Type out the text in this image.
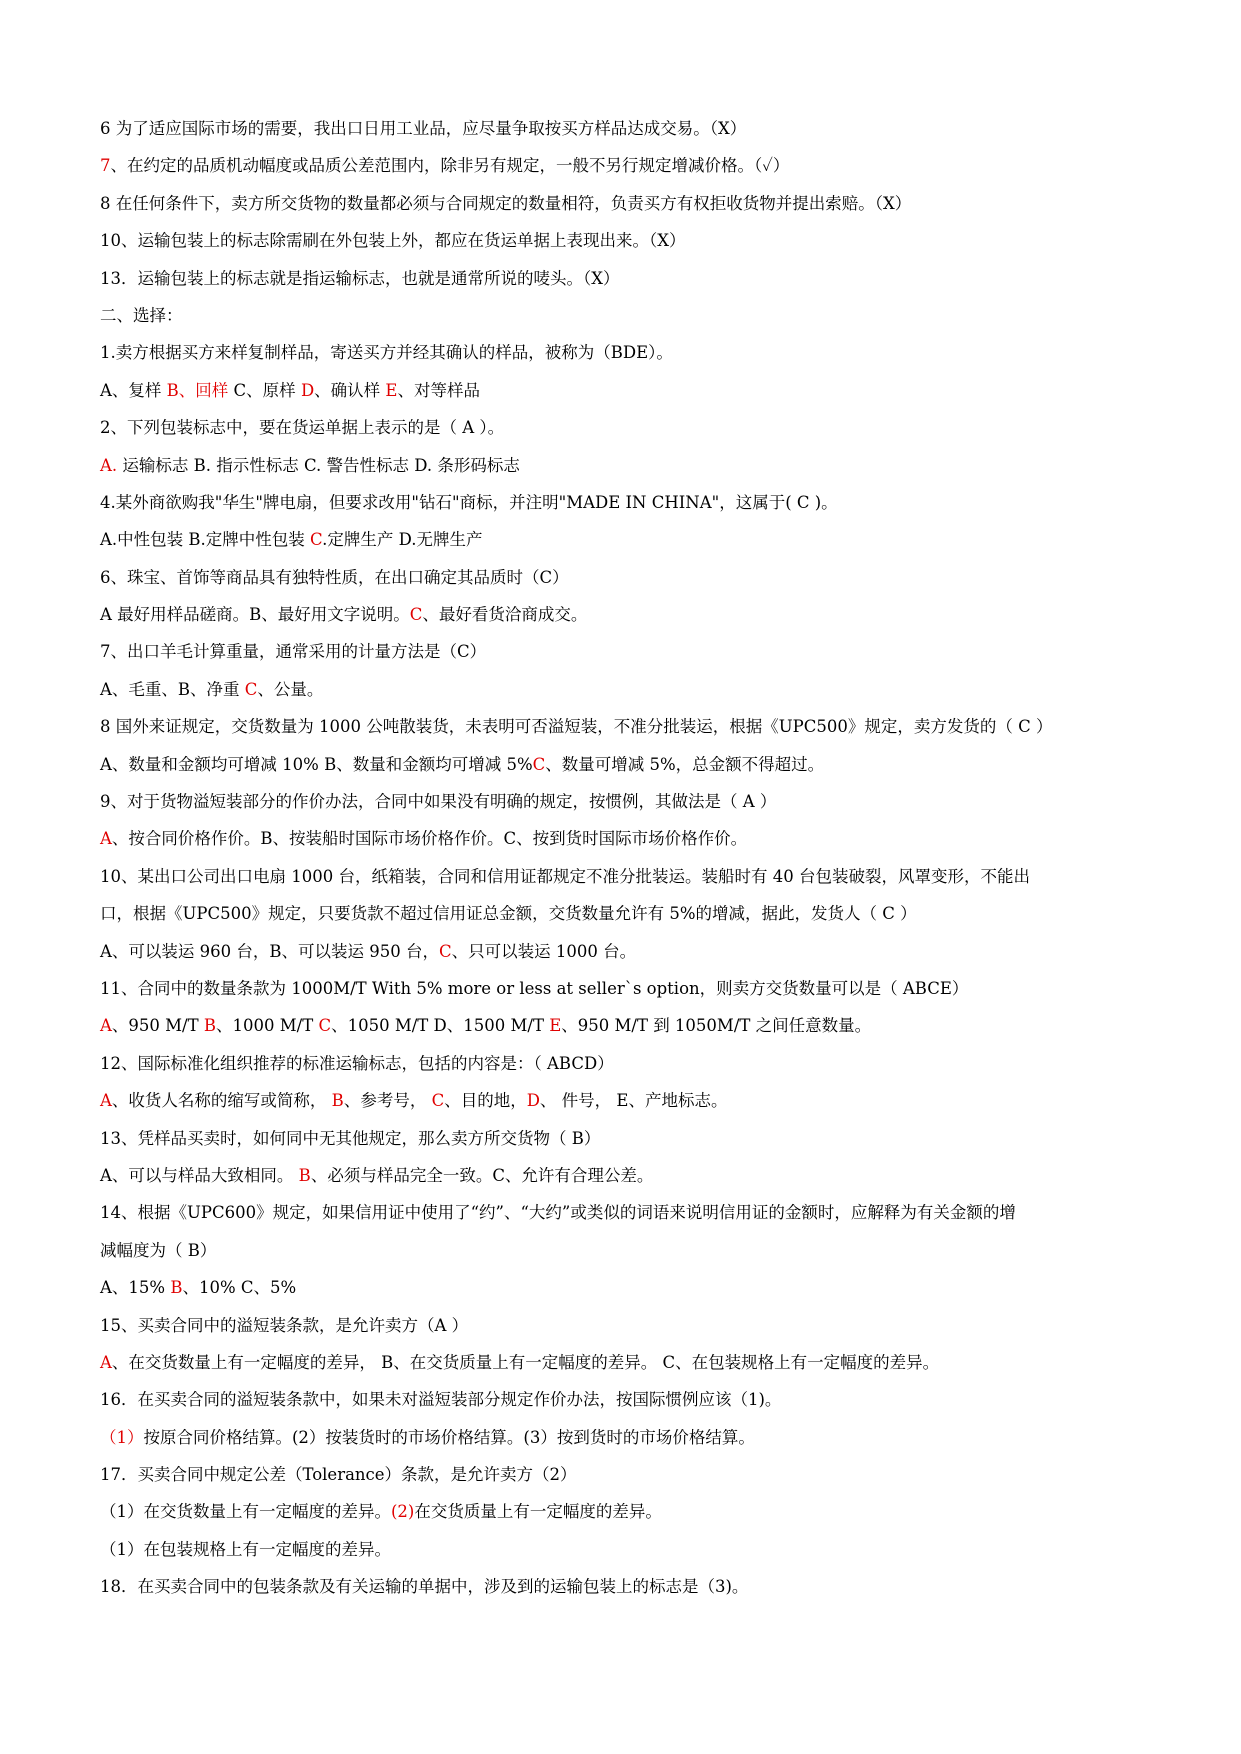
6 为了适应国际市场的需要，我出口日用工业品，应尽量争取按买方样品达成交易。（X）

7、在约定的品质机动幅度或品质公差范围内，除非另有规定，一般不另行规定增减价格。（✓）

8 在任何条件下，卖方所交货物的数量都必须与合同规定的数量相符，负责买方有权拒收货物并提出索赔。（X）

10、运输包装上的标志除需刷在外包装上外，都应在货运单据上表现出来。（X）

13．运输包装上的标志就是指运输标志，也就是通常所说的唛头。（X）

二、选择：

1.卖方根据买方来样复制样品，寄送买方并经其确认的样品，被称为（BDE）。

A、复样 B、回样 C、原样 D、确认样 E、对等样品

2、下列包装标志中，要在货运单据上表示的是（ A ）。

A. 运输标志 B. 指示性标志 C. 警告性标志 D. 条形码标志

4.某外商欲购我"华生"牌电扇，但要求改用"钻石"商标，并注明"MADE IN CHINA"，这属于( C )。

A.中性包装 B.定牌中性包装 C.定牌生产 D.无牌生产

6、珠宝、首饰等商品具有独特性质，在出口确定其品质时（C）

A 最好用样品磋商。B、最好用文字说明。C、最好看货洽商成交。

7、出口羊毛计算重量，通常采用的计量方法是（C）

A、毛重、B、净重 C、公量。

8 国外来证规定，交货数量为 1000 公吨散装货，未表明可否溢短装，不准分批装运，根据《UPC500》规定，卖方发货的（ C ）

A、数量和金额均可增减 10% B、数量和金额均可增减 5%C、数量可增减 5%，总金额不得超过。

9、对于货物溢短装部分的作价办法，合同中如果没有明确的规定，按惯例，其做法是（ A ）

A、按合同价格作价。B、按装船时国际市场价格作价。C、按到货时国际市场价格作价。

10、某出口公司出口电扇 1000 台，纸箱装，合同和信用证都规定不准分批装运。装船时有 40 台包装破裂，风罩变形，不能出

口，根据《UPC500》规定，只要货款不超过信用证总金额，交货数量允许有 5%的增减，据此，发货人（ C ）

A、可以装运 960 台，B、可以装运 950 台，C、只可以装运 1000 台。

11、合同中的数量条款为 1000M/T With 5% more or less at seller`s option，则卖方交货数量可以是（ ABCE）

A、950 M/T B、1000 M/T C、1050 M/T D、1500 M/T E、950 M/T 到 1050M/T 之间任意数量。

12、国际标准化组织推荐的标准运输标志，包括的内容是：（ ABCD）

A、收货人名称的缩写或简称， B、参考号， C、目的地，D、 件号， E、产地标志。

13、凭样品买卖时，如何同中无其他规定，那么卖方所交货物（ B）

A、可以与样品大致相同。 B、必须与样品完全一致。C、允许有合理公差。

14、根据《UPC600》规定，如果信用证中使用了“约”、“大约”或类似的词语来说明信用证的金额时，应解释为有关金额的增

减幅度为（ B）

A、15% B、10% C、5%

15、买卖合同中的溢短装条款，是允许卖方（A ）

A、在交货数量上有一定幅度的差异， B、在交货质量上有一定幅度的差异。 C、在包装规格上有一定幅度的差异。

16．在买卖合同的溢短装条款中，如果未对溢短装部分规定作价办法，按国际惯例应该（1)。

（1）按原合同价格结算。(2）按装货时的市场价格结算。(3）按到货时的市场价格结算。

17．买卖合同中规定公差（Tolerance）条款，是允许卖方（2）

（1）在交货数量上有一定幅度的差异。(2)在交货质量上有一定幅度的差异。

（1）在包装规格上有一定幅度的差异。

18．在买卖合同中的包装条款及有关运输的单据中，涉及到的运输包装上的标志是（3)。
